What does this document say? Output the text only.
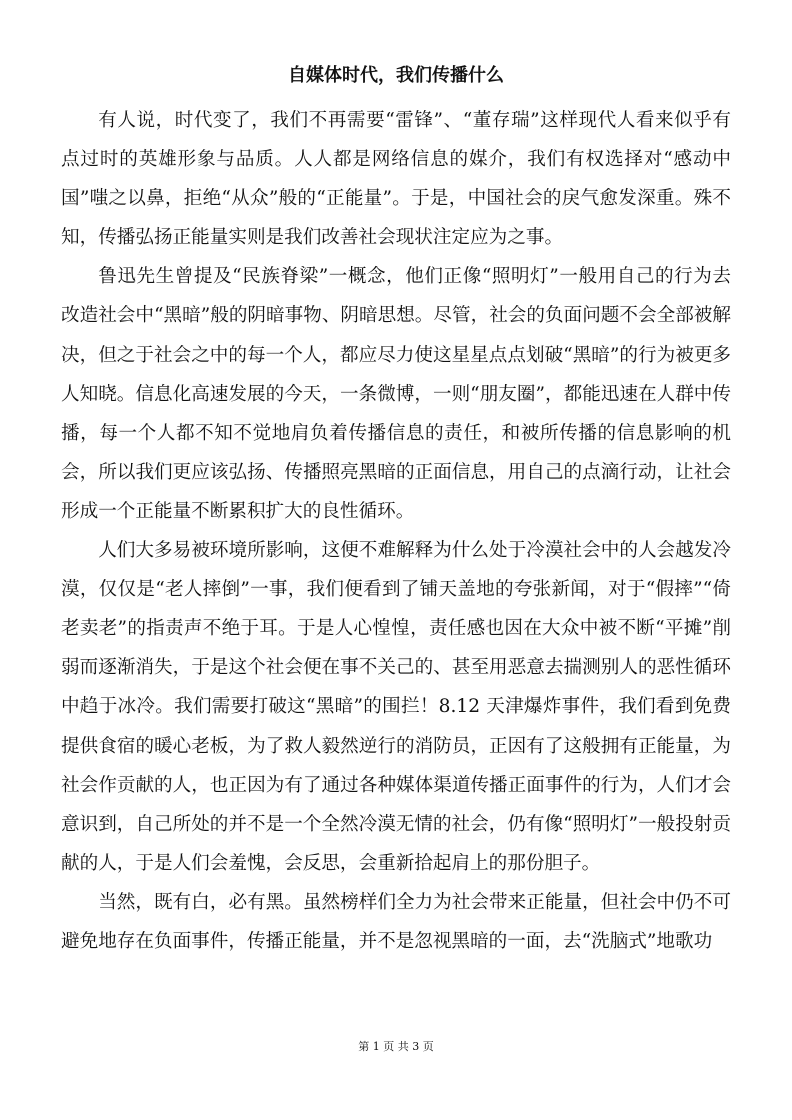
自媒体时代，我们传播什么

有人说，时代变了，我们不再需要“雷锋”、“董存瑞”这样现代人看来似乎有点过时的英雄形象与品质。人人都是网络信息的媒介，我们有权选择对“感动中国”嗤之以鼻，拒绝“从众”般的“正能量”。于是，中国社会的戾气愈发深重。殊不知，传播弘扬正能量实则是我们改善社会现状注定应为之事。

鲁迅先生曾提及“民族脊梁”一概念，他们正像“照明灯”一般用自己的行为去改造社会中“黑暗”般的阴暗事物、阴暗思想。尽管，社会的负面问题不会全部被解决，但之于社会之中的每一个人，都应尽力使这星星点点划破“黑暗”的行为被更多人知晓。信息化高速发展的今天，一条微博，一则“朋友圈”，都能迅速在人群中传播，每一个人都不知不觉地肩负着传播信息的责任，和被所传播的信息影响的机会，所以我们更应该弘扬、传播照亮黑暗的正面信息，用自己的点滴行动，让社会形成一个正能量不断累积扩大的良性循环。

人们大多易被环境所影响，这便不难解释为什么处于冷漠社会中的人会越发冷漠，仅仅是“老人摔倒”一事，我们便看到了铺天盖地的夸张新闻，对于“假摔”“倚老卖老”的指责声不绝于耳。于是人心惶惶，责任感也因在大众中被不断“平摊”削弱而逐渐消失，于是这个社会便在事不关己的、甚至用恶意去揣测别人的恶性循环中趋于冰冷。我们需要打破这“黑暗”的围拦！8.12 天津爆炸事件，我们看到免费提供食宿的暖心老板，为了救人毅然逆行的消防员，正因有了这般拥有正能量，为社会作贡献的人，也正因为有了通过各种媒体渠道传播正面事件的行为，人们才会意识到，自己所处的并不是一个全然冷漠无情的社会，仍有像“照明灯”一般投射贡献的人，于是人们会羞愧，会反思，会重新拾起肩上的那份胆子。

当然，既有白，必有黑。虽然榜样们全力为社会带来正能量，但社会中仍不可避免地存在负面事件，传播正能量，并不是忽视黑暗的一面，去“洗脑式”地歌功

第 1 页 共 3 页
